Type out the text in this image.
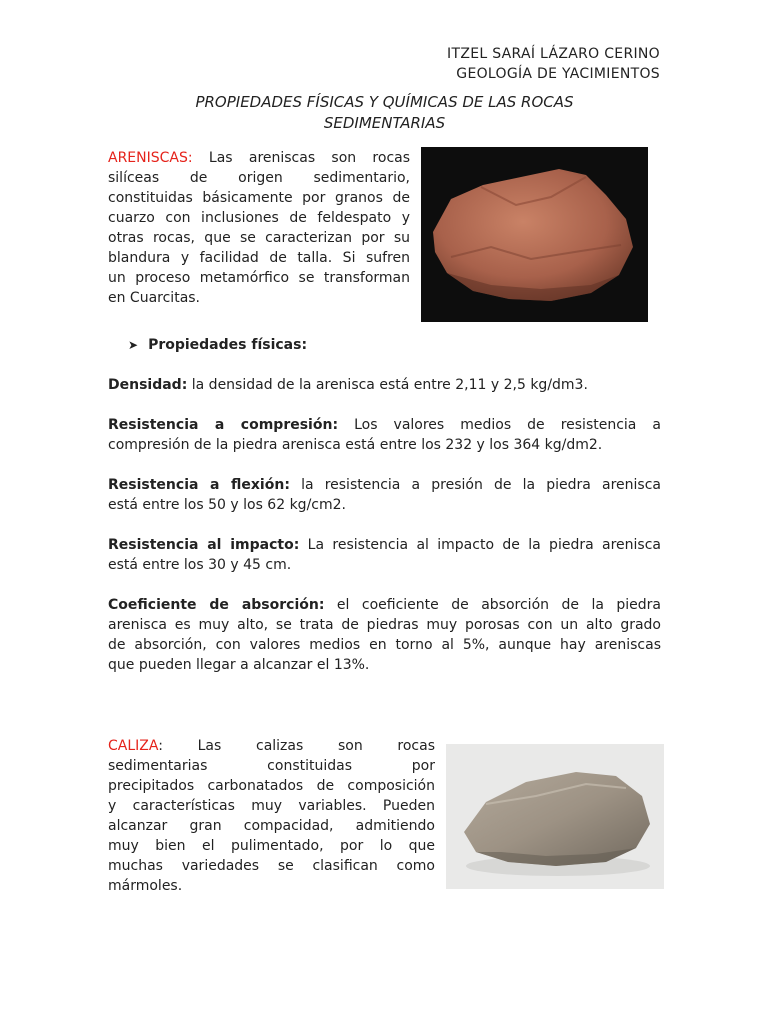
ITZEL SARAÍ LÁZARO CERINO
GEOLOGÍA DE YACIMIENTOS
PROPIEDADES FÍSICAS Y QUÍMICAS DE LAS ROCAS
SEDIMENTARIAS

ARENISCAS: Las areniscas son rocas

silíceas de origen sedimentario,

constituidas básicamente por granos de

cuarzo con inclusiones de feldespato y

otras rocas, que se caracterizan por su

blandura y facilidad de talla. Si sufren

un proceso metamórfico se transforman

en Cuarcitas.

➤ Propiedades físicas:

Densidad: la densidad de la arenisca está entre 2,11 y 2,5 kg/dm3.

Resistencia a compresión: Los valores medios de resistencia a

compresión de la piedra arenisca está entre los 232 y los 364 kg/dm2.

Resistencia a flexión: la resistencia a presión de la piedra arenisca

está entre los 50 y los 62 kg/cm2.

Resistencia al impacto: La resistencia al impacto de la piedra arenisca

está entre los 30 y 45 cm.

Coeficiente de absorción: el coeficiente de absorción de la piedra

arenisca es muy alto, se trata de piedras muy porosas con un alto grado

de absorción, con valores medios en torno al 5%, aunque hay areniscas

que pueden llegar a alcanzar el 13%.

CALIZA: Las calizas son rocas

sedimentarias constituidas por

precipitados carbonatados de composición

y características muy variables. Pueden

alcanzar gran compacidad, admitiendo

muy bien el pulimentado, por lo que

muchas variedades se clasifican como

mármoles.
